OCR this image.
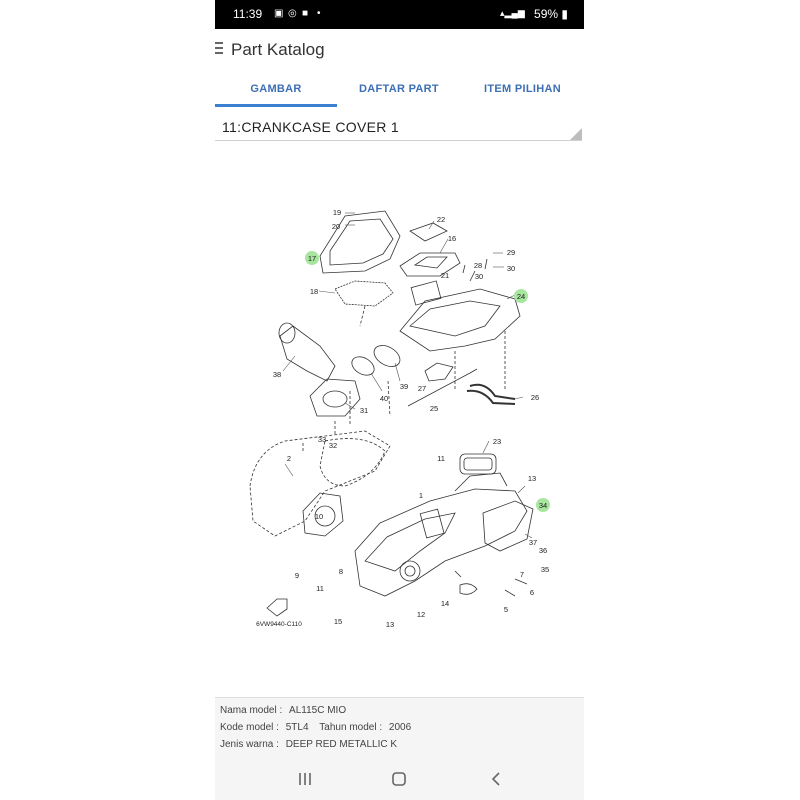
11:39 ▣ ◎ ■ •	▴▂▄▆ 59% ▮
Part Katalog
GAMBAR	DAFTAR PART	ITEM PILIHAN
11:CRANKCASE COVER 1
19
20
22
16
29
17
28	30
30
21
18
24
38
40
39 27
26
31	25
33
32	23
2	11
13
10
34
9
1
37
36
35
8
11
7
14
6
5
12
13
15
6VW9440-C110
Nama model : AL115C MIO
Kode model : 5TL4 Tahun model : 2006
Jenis warna : DEEP RED METALLIC K
